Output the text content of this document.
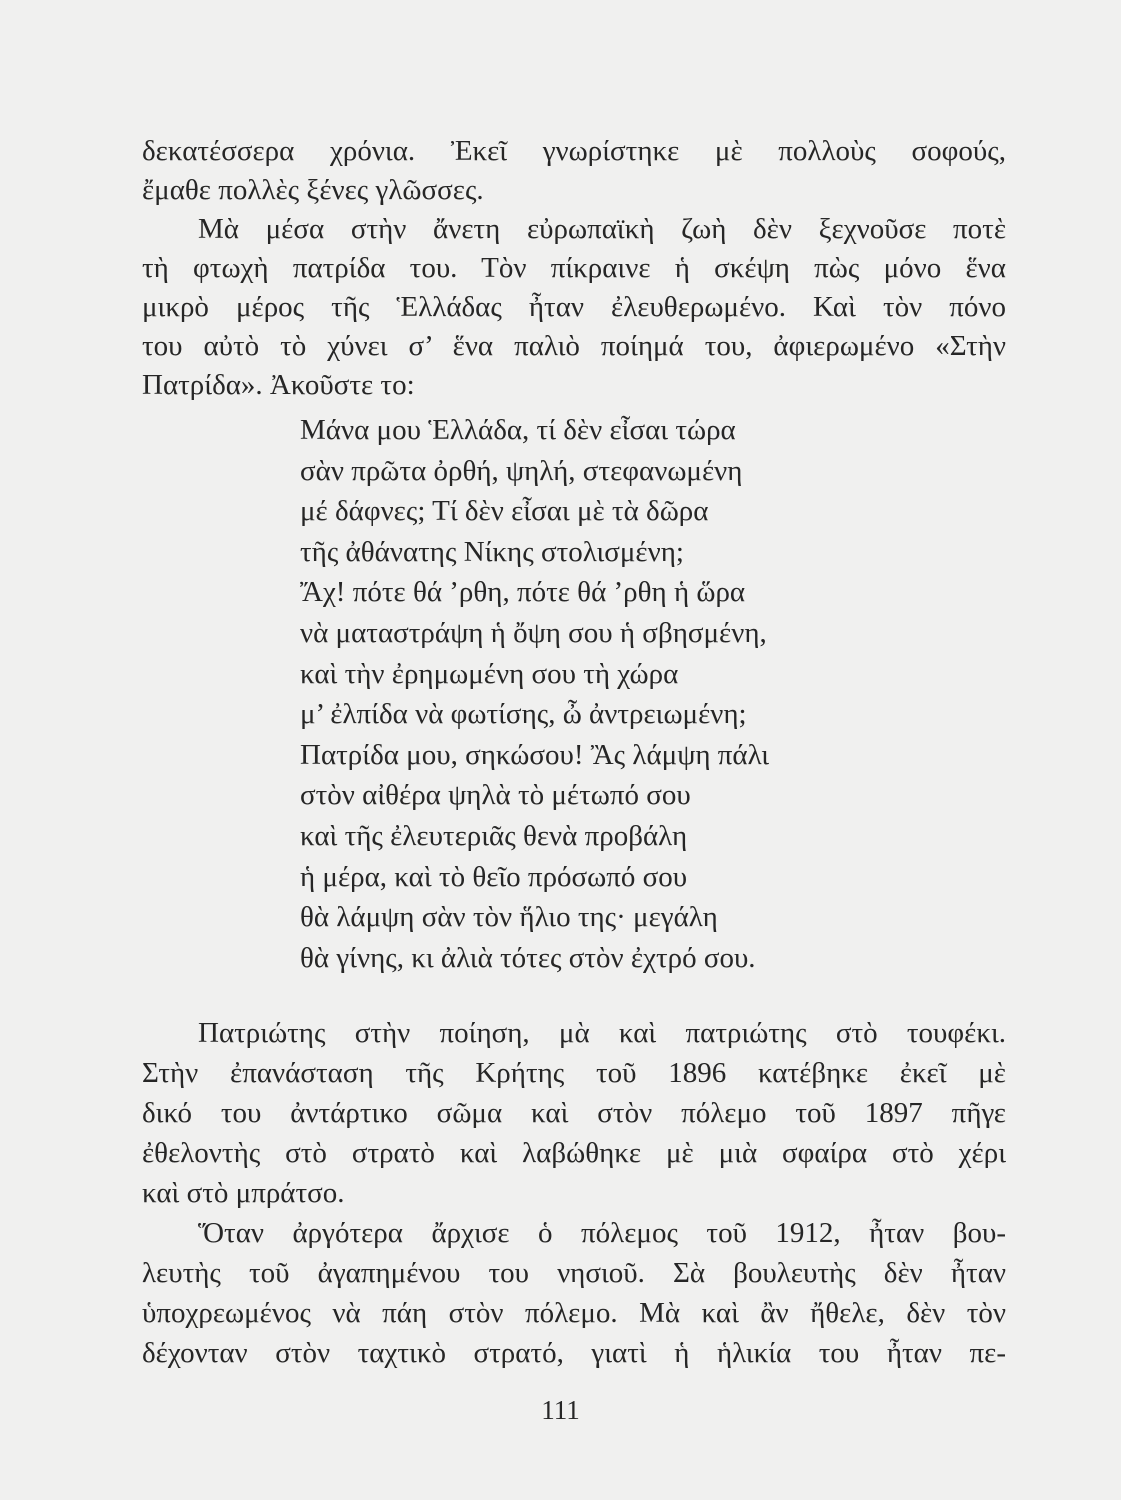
δεκατέσσερα χρόνια. Ἐκεῖ γνωρίστηκε μὲ πολλοὺς σοφούς,
ἔμαθε πολλὲς ξένες γλῶσσες.
Μὰ μέσα στὴν ἄνετη εὐρωπαϊκὴ ζωὴ δὲν ξεχνοῦσε ποτὲ
τὴ φτωχὴ πατρίδα του. Τὸν πίκραινε ἡ σκέψη πὼς μόνο ἕνα
μικρὸ μέρος τῆς Ἑλλάδας ἦταν ἐλευθερωμένο. Καὶ τὸν πόνο
του αὐτὸ τὸ χύνει σ’ ἕνα παλιὸ ποίημά του, ἀφιερωμένο «Στὴν
Πατρίδα». Ἀκοῦστε το:
Μάνα μου Ἑλλάδα, τί δὲν εἶσαι τώρα
σὰν πρῶτα ὀρθή, ψηλή, στεφανωμένη
μέ δάφνες; Τί δὲν εἶσαι μὲ τὰ δῶρα
τῆς ἀθάνατης Νίκης στολισμένη;
Ἄχ! πότε θά ’ρθη, πότε θά ’ρθη ἡ ὥρα
νὰ ματαστράψη ἡ ὄψη σου ἡ σβησμένη,
καὶ τὴν ἐρημωμένη σου τὴ χώρα
μ’ ἐλπίδα νὰ φωτίσης, ὦ ἀντρειωμένη;
Πατρίδα μου, σηκώσου! Ἂς λάμψη πάλι
στὸν αἰθέρα ψηλὰ τὸ μέτωπό σου
καὶ τῆς ἐλευτεριᾶς θενὰ προβάλη
ἡ μέρα, καὶ τὸ θεῖο πρόσωπό σου
θὰ λάμψη σὰν τὸν ἥλιο της· μεγάλη
θὰ γίνης, κι ἀλιὰ τότες στὸν ἐχτρό σου.
Πατριώτης στὴν ποίηση, μὰ καὶ πατριώτης στὸ τουφέκι.
Στὴν ἐπανάσταση τῆς Κρήτης τοῦ 1896 κατέβηκε ἐκεῖ μὲ
δικό του ἀντάρτικο σῶμα καὶ στὸν πόλεμο τοῦ 1897 πῆγε
ἐθελοντὴς στὸ στρατὸ καὶ λαβώθηκε μὲ μιὰ σφαίρα στὸ χέρι
καὶ στὸ μπράτσο.
Ὅταν ἀργότερα ἄρχισε ὁ πόλεμος τοῦ 1912, ἦταν βου-
λευτὴς τοῦ ἀγαπημένου του νησιοῦ. Σὰ βουλευτὴς δὲν ἦταν
ὑποχρεωμένος νὰ πάη στὸν πόλεμο. Μὰ καὶ ἂν ἤθελε, δὲν τὸν
δέχονταν στὸν ταχτικὸ στρατό, γιατὶ ἡ ἡλικία του ἦταν πε-
111
